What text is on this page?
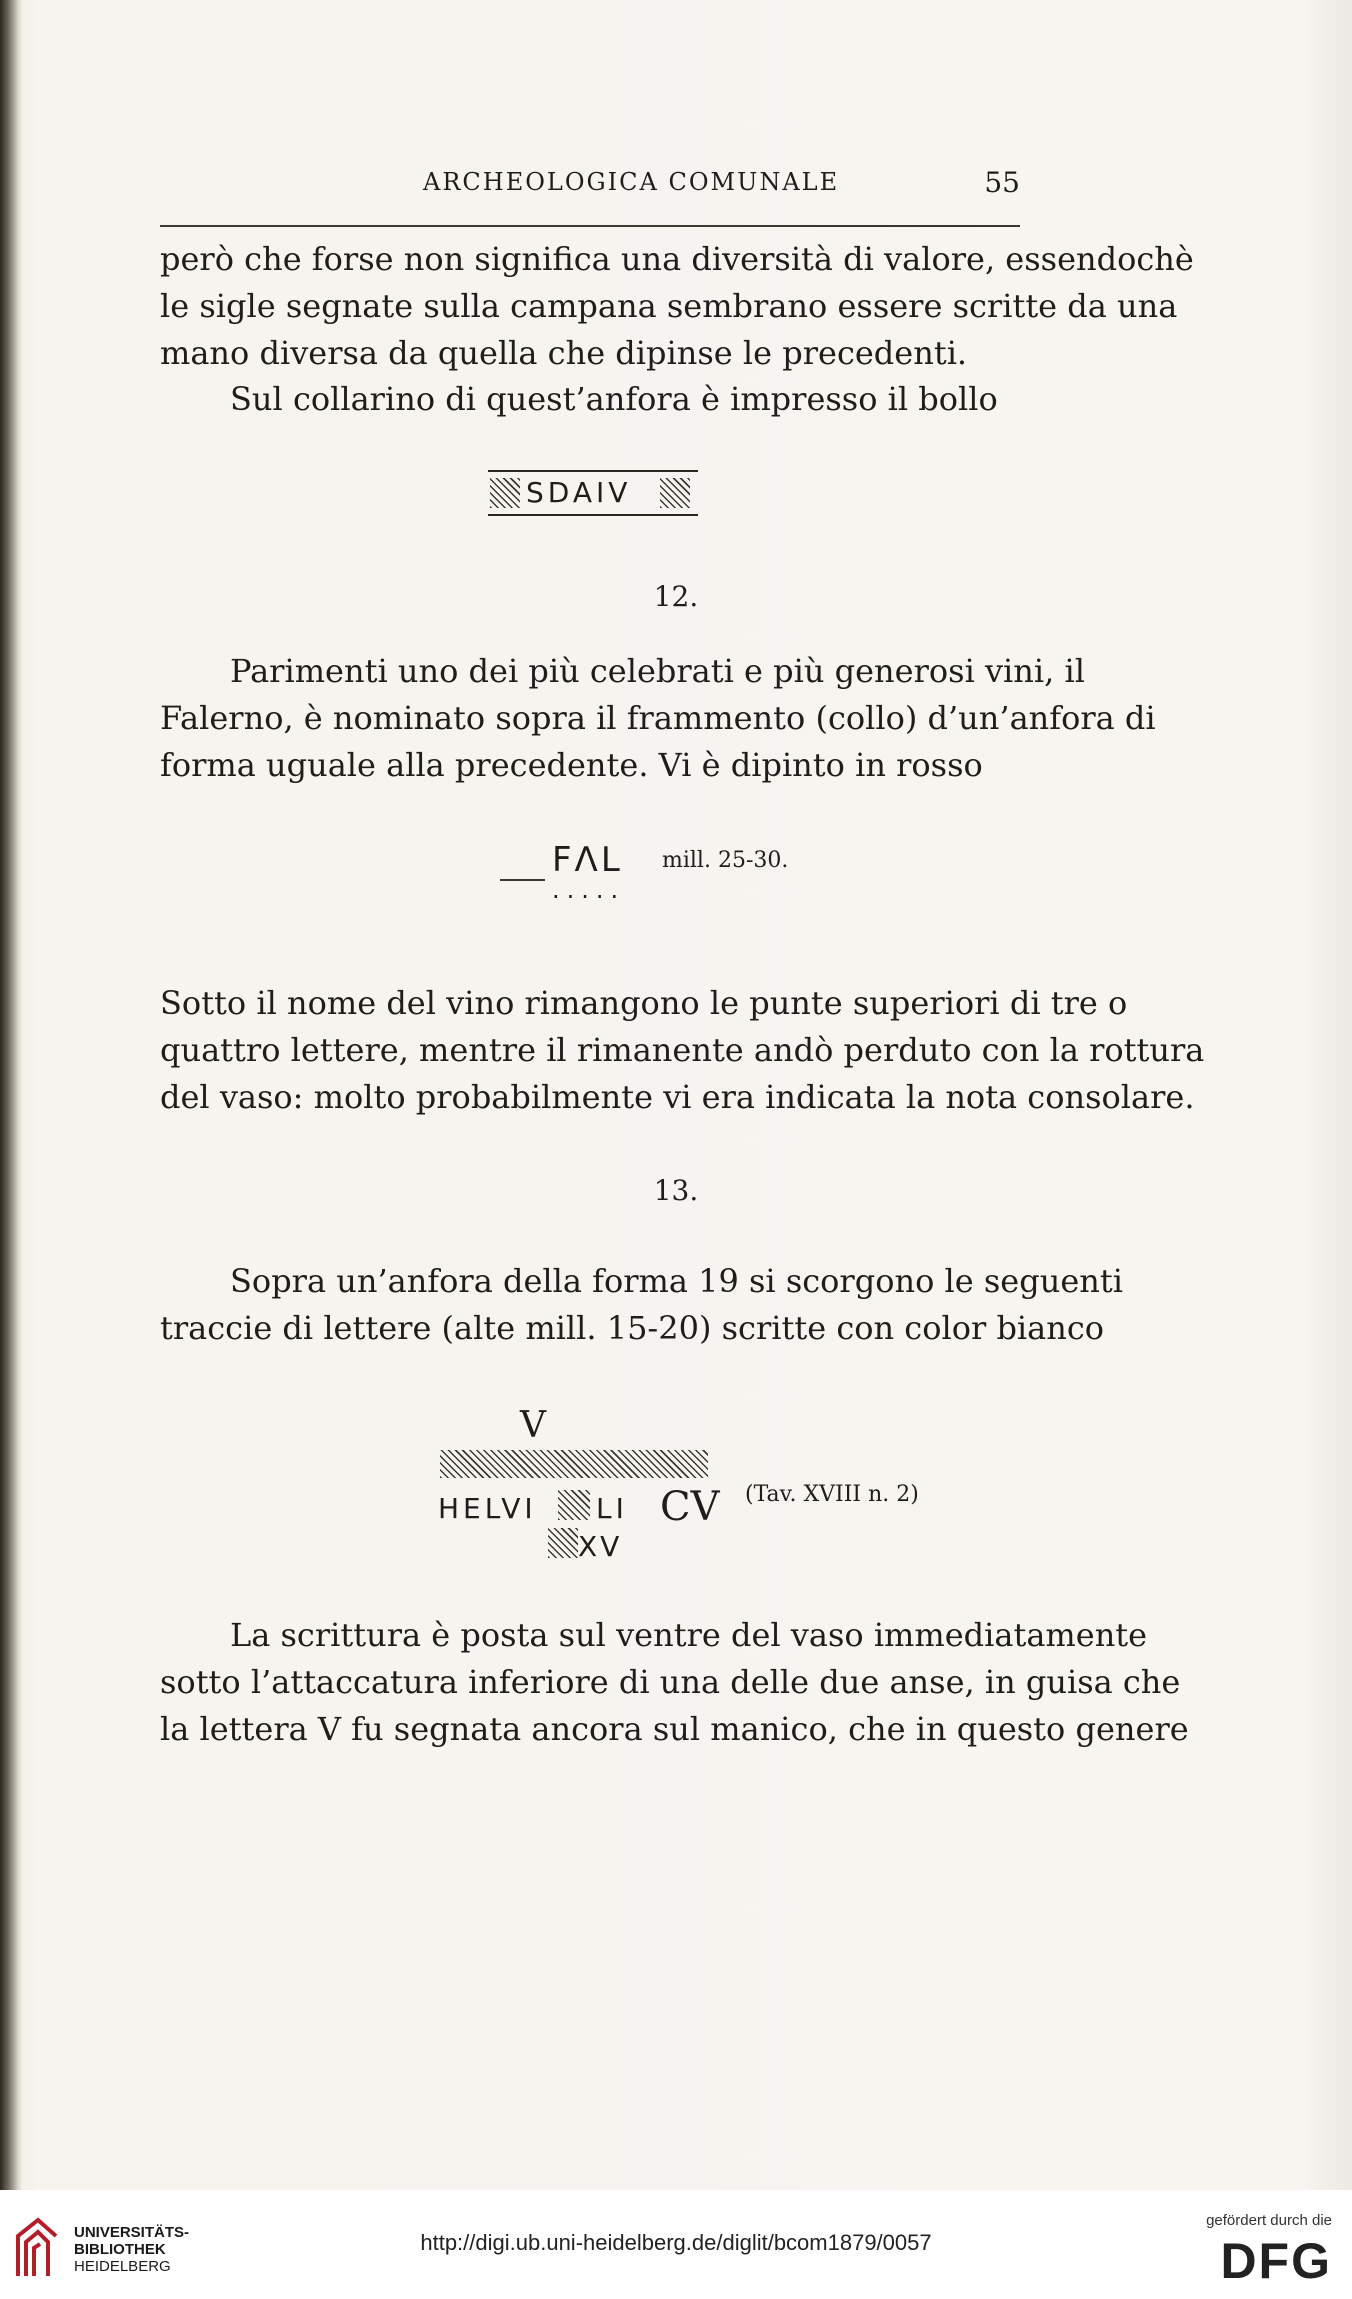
ARCHEOLOGICA COMUNALE	55
però che forse non significa una diversità di valore, essendochè
le sigle segnate sulla campana sembrano essere scritte da una
mano diversa da quella che dipinse le precedenti.
Sul collarino di quest’anfora è impresso il bollo
SDAIV
12.
Parimenti uno dei più celebrati e più generosi vini, il
Falerno, è nominato sopra il frammento (collo) d’un’anfora di
forma uguale alla precedente. Vi è dipinto in rosso
FΛL mill. 25-30.
.....
Sotto il nome del vino rimangono le punte superiori di tre o
quattro lettere, mentre il rimanente andò perduto con la rottura
del vaso: molto probabilmente vi era indicata la nota consolare.
13.
Sopra un’anfora della forma 19 si scorgono le seguenti
traccie di lettere (alte mill. 15-20) scritte con color bianco
V
HELVI LI CV (Tav. XVIII n. 2)
XV
La scrittura è posta sul ventre del vaso immediatamente
sotto l’attaccatura inferiore di una delle due anse, in guisa che
la lettera V fu segnata ancora sul manico, che in questo genere
UNIVERSITÄTS-
BIBLIOTHEK
HEIDELBERG
http://digi.ub.uni-heidelberg.de/diglit/bcom1879/0057
gefördert durch die
DFG
